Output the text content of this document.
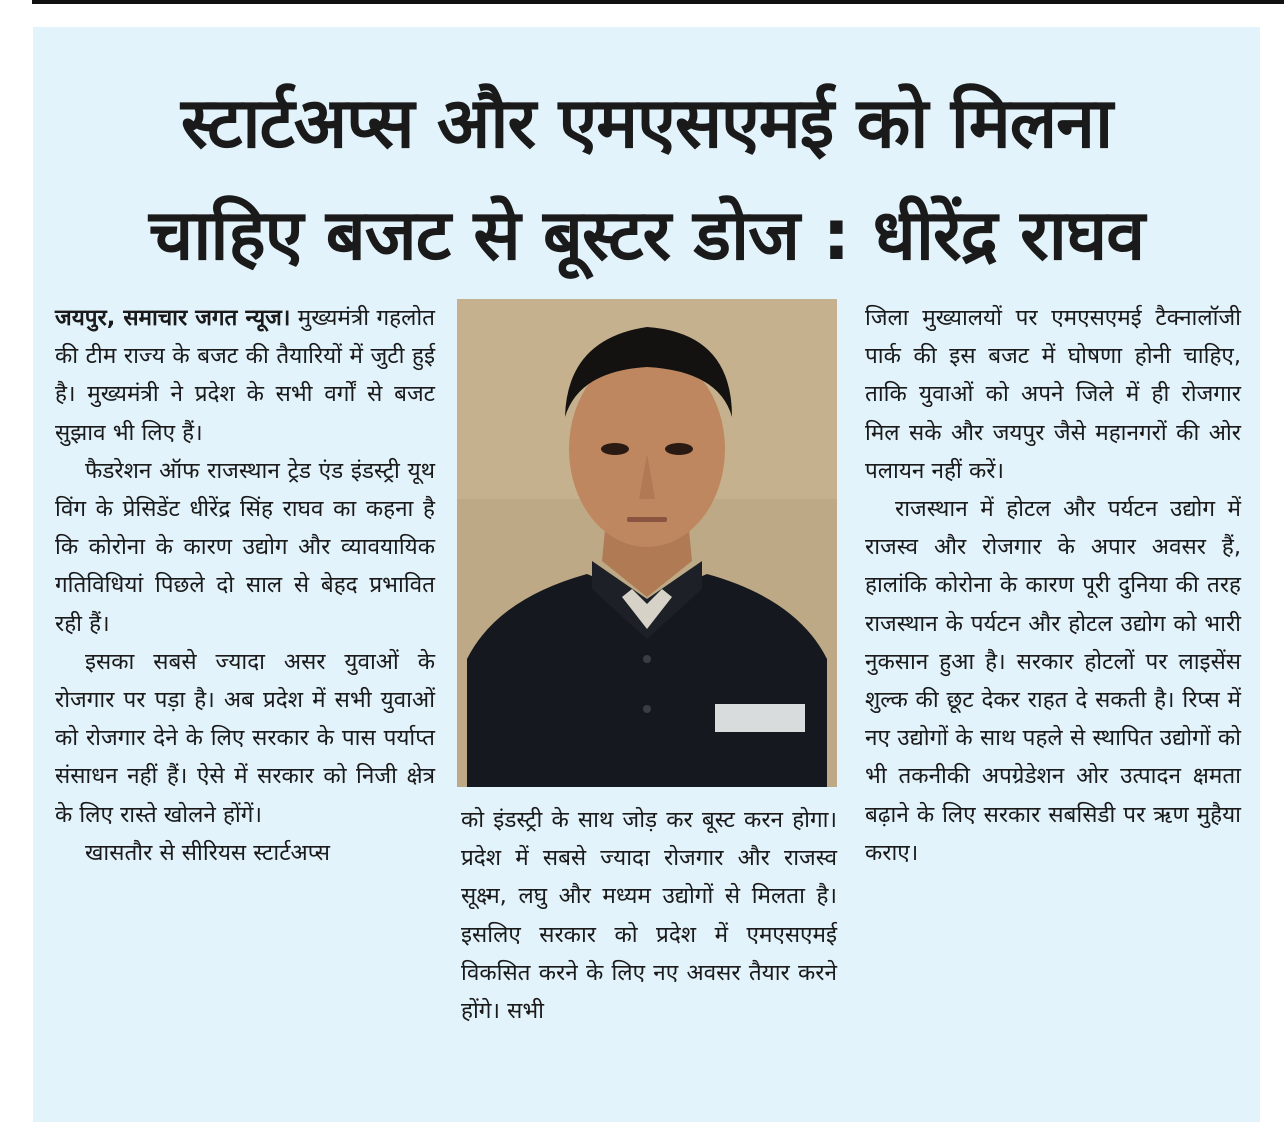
स्टार्टअप्स और एमएसएमई को मिलना
चाहिए बजट से बूस्टर डोज : धीरेंद्र राघव

जयपुर, समाचार जगत न्यूज। मुख्यमंत्री गहलोत की टीम राज्य के बजट की तैयारियों में जुटी हुई है। मुख्यमंत्री ने प्रदेश के सभी वर्गों से बजट सुझाव भी लिए हैं।

फैडरेशन ऑफ राजस्थान ट्रेड एंड इंडस्ट्री यूथ विंग के प्रेसिडेंट धीरेंद्र सिंह राघव का कहना है कि कोरोना के कारण उद्योग और व्यावयायिक गतिविधियां पिछले दो साल से बेहद प्रभावित रही हैं।

इसका सबसे ज्यादा असर युवाओं के रोजगार पर पड़ा है। अब प्रदेश में सभी युवाओं को रोजगार देने के लिए सरकार के पास पर्याप्त संसाधन नहीं हैं। ऐसे में सरकार को निजी क्षेत्र के लिए रास्ते खोलने होंगें।

खासतौर से सीरियस स्टार्टअप्स

को इंडस्ट्री के साथ जोड़ कर बूस्ट करन होगा। प्रदेश में सबसे ज्यादा रोजगार और राजस्व सूक्ष्म, लघु और मध्यम उद्योगों से मिलता है। इसलिए सरकार को प्रदेश में एमएसएमई विकसित करने के लिए नए अवसर तैयार करने होंगे। सभी

जिला मुख्यालयों पर एमएसएमई टैक्नालॉजी पार्क की इस बजट में घोषणा होनी चाहिए, ताकि युवाओं को अपने जिले में ही रोजगार मिल सके और जयपुर जैसे महानगरों की ओर पलायन नहीं करें।

राजस्थान में होटल और पर्यटन उद्योग में राजस्व और रोजगार के अपार अवसर हैं, हालांकि कोरोना के कारण पूरी दुनिया की तरह राजस्थान के पर्यटन और होटल उद्योग को भारी नुकसान हुआ है। सरकार होटलों पर लाइसेंस शुल्क की छूट देकर राहत दे सकती है। रिप्स में नए उद्योगों के साथ पहले से स्थापित उद्योगों को भी तकनीकी अपग्रेडेशन ओर उत्पादन क्षमता बढ़ाने के लिए सरकार सबसिडी पर ऋण मुहैया कराए।
